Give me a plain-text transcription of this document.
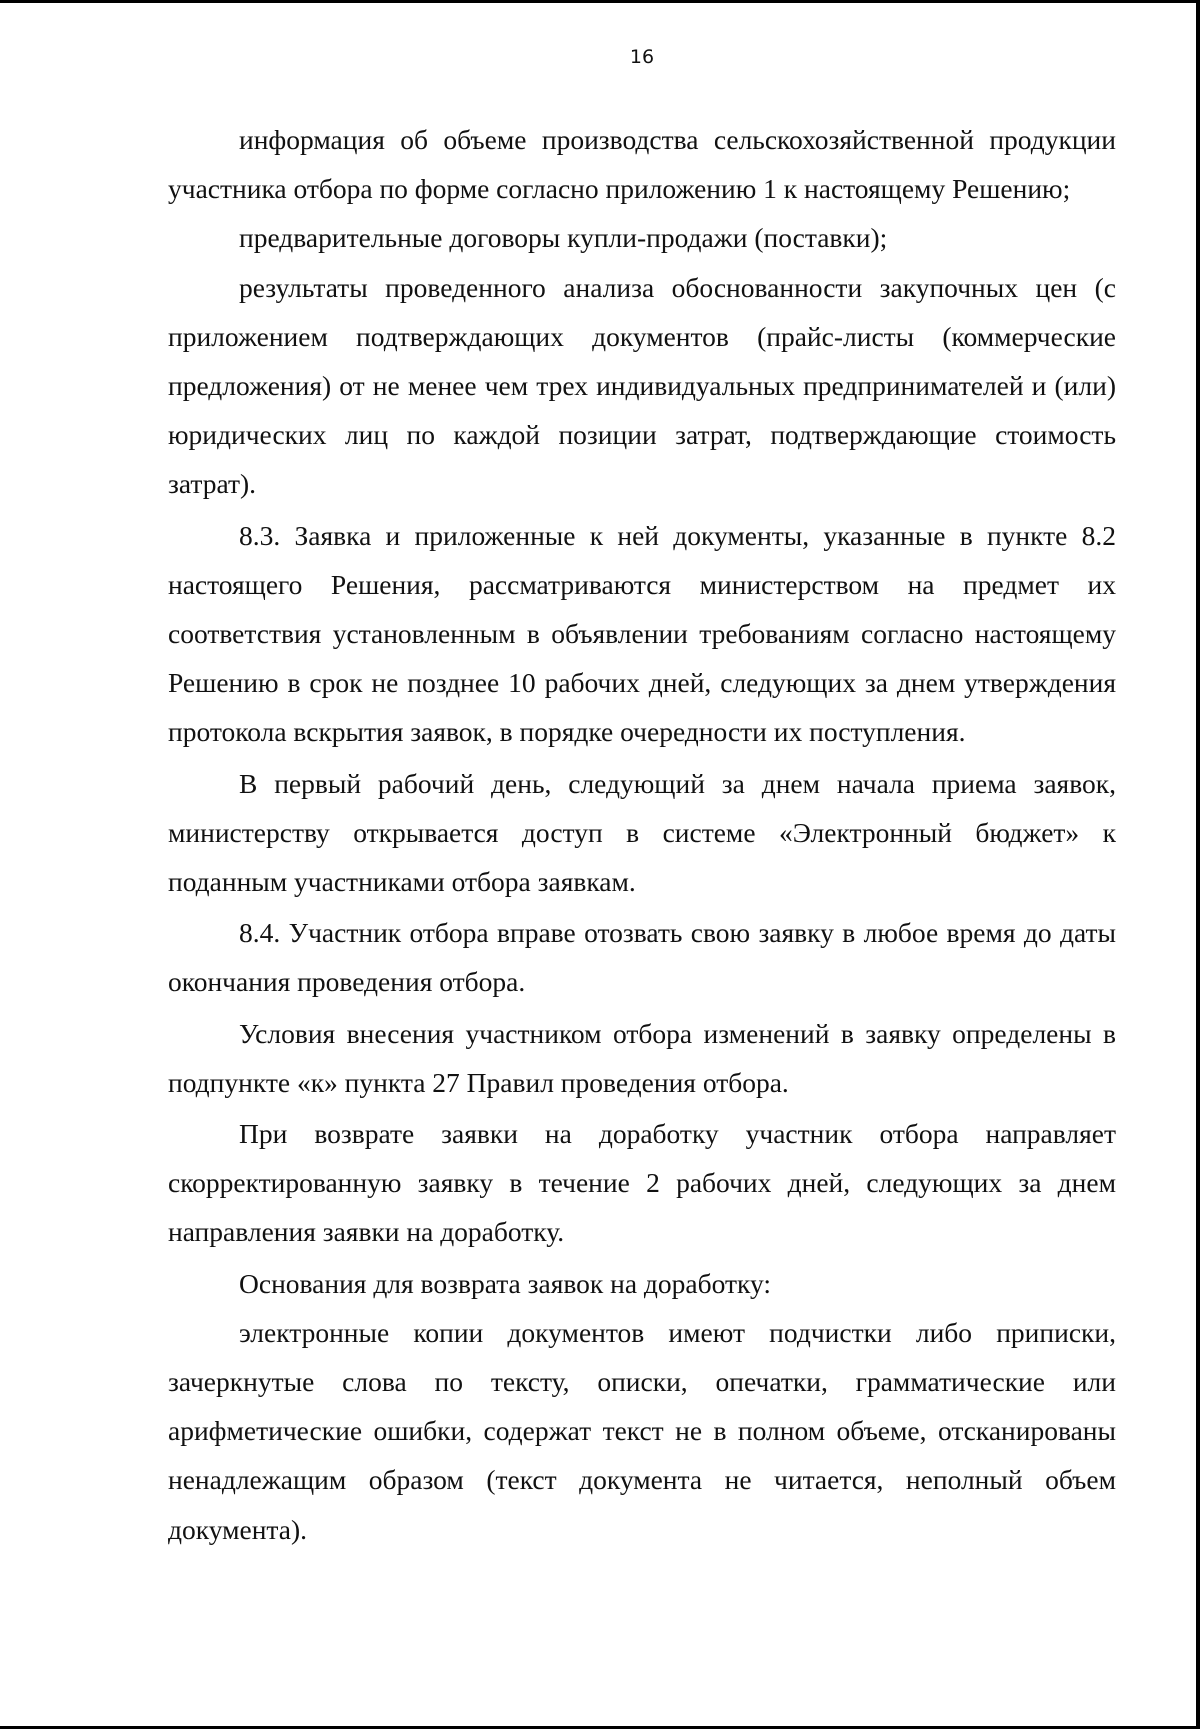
16

информация об объеме производства сельскохозяйственной продукции участника отбора по форме согласно приложению 1 к настоящему Решению;

предварительные договоры купли-продажи (поставки);

результаты проведенного анализа обоснованности закупочных цен (с приложением подтверждающих документов (прайс-листы (коммерческие предложения) от не менее чем трех индивидуальных предпринимателей и (или) юридических лиц по каждой позиции затрат, подтверждающие стоимость затрат).

8.3. Заявка и приложенные к ней документы, указанные в пункте 8.2 настоящего Решения, рассматриваются министерством на предмет их соответствия установленным в объявлении требованиям согласно настоящему Решению в срок не позднее 10 рабочих дней, следующих за днем утверждения протокола вскрытия заявок, в порядке очередности их поступления.

В первый рабочий день, следующий за днем начала приема заявок, министерству открывается доступ в системе «Электронный бюджет» к поданным участниками отбора заявкам.

8.4. Участник отбора вправе отозвать свою заявку в любое время до даты окончания проведения отбора.

Условия внесения участником отбора изменений в заявку определены в подпункте «к» пункта 27 Правил проведения отбора.

При возврате заявки на доработку участник отбора направляет скорректированную заявку в течение 2 рабочих дней, следующих за днем направления заявки на доработку.

Основания для возврата заявок на доработку:

электронные копии документов имеют подчистки либо приписки, зачеркнутые слова по тексту, описки, опечатки, грамматические или арифметические ошибки, содержат текст не в полном объеме, отсканированы ненадлежащим образом (текст документа не читается, неполный объем документа).
